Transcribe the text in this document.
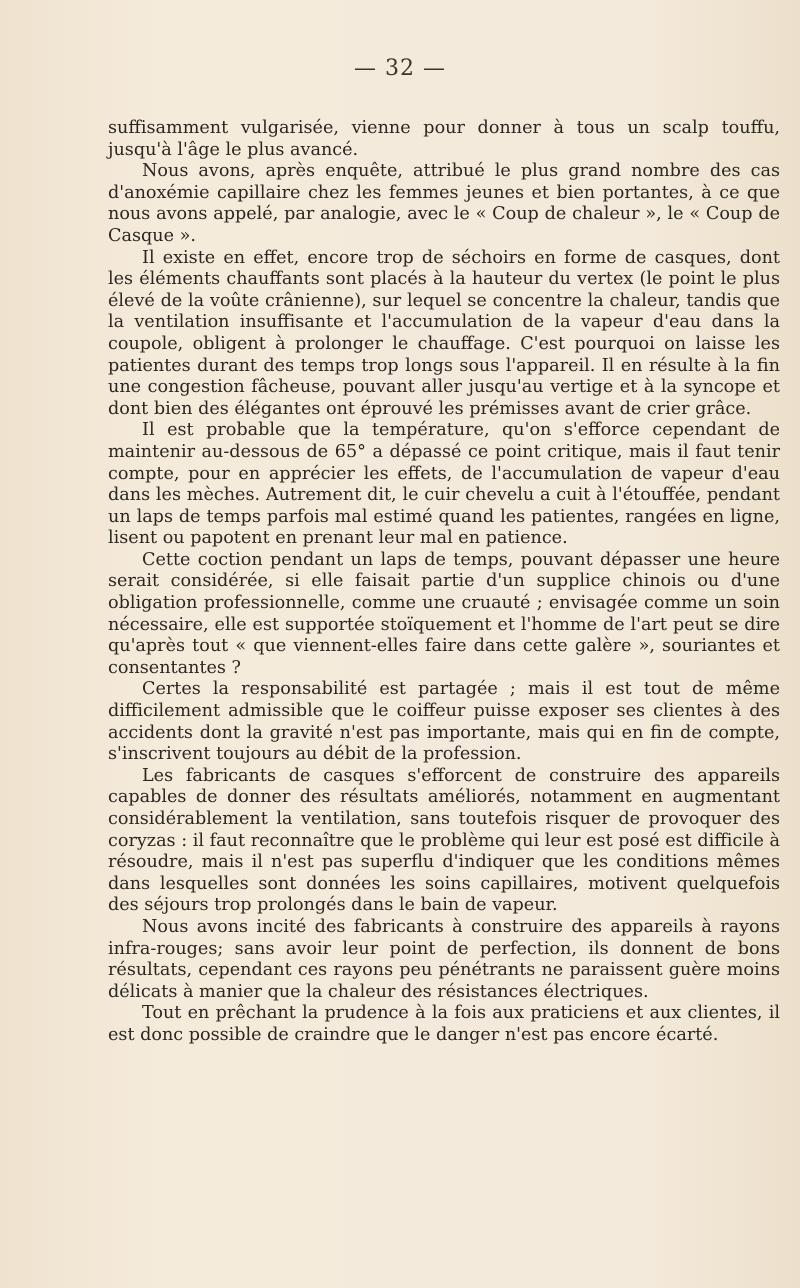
— 32 —

suffisamment vulgarisée, vienne pour donner à tous un scalp touffu, jusqu'à l'âge le plus avancé.

Nous avons, après enquête, attribué le plus grand nombre des cas d'anoxémie capillaire chez les femmes jeunes et bien portantes, à ce que nous avons appelé, par analogie, avec le « Coup de chaleur », le « Coup de Casque ».

Il existe en effet, encore trop de séchoirs en forme de casques, dont les éléments chauffants sont placés à la hauteur du vertex (le point le plus élevé de la voûte crânienne), sur lequel se concentre la chaleur, tandis que la ventilation insuffisante et l'accumulation de la vapeur d'eau dans la coupole, obligent à prolonger le chauffage. C'est pourquoi on laisse les patientes durant des temps trop longs sous l'appareil. Il en résulte à la fin une congestion fâcheuse, pouvant aller jusqu'au vertige et à la syncope et dont bien des élégantes ont éprouvé les prémisses avant de crier grâce.

Il est probable que la température, qu'on s'efforce cependant de maintenir au-dessous de 65° a dépassé ce point critique, mais il faut tenir compte, pour en apprécier les effets, de l'accumulation de vapeur d'eau dans les mèches. Autrement dit, le cuir chevelu a cuit à l'étouffée, pendant un laps de temps parfois mal estimé quand les patientes, rangées en ligne, lisent ou papotent en prenant leur mal en patience.

Cette coction pendant un laps de temps, pouvant dépasser une heure serait considérée, si elle faisait partie d'un supplice chinois ou d'une obligation professionnelle, comme une cruauté ; envisagée comme un soin nécessaire, elle est supportée stoïquement et l'homme de l'art peut se dire qu'après tout « que viennent-elles faire dans cette galère », souriantes et consentantes ?

Certes la responsabilité est partagée ; mais il est tout de même difficilement admissible que le coiffeur puisse exposer ses clientes à des accidents dont la gravité n'est pas importante, mais qui en fin de compte, s'inscrivent toujours au débit de la profession.

Les fabricants de casques s'efforcent de construire des appareils capables de donner des résultats améliorés, notamment en augmentant considérablement la ventilation, sans toutefois risquer de provoquer des coryzas : il faut reconnaître que le problème qui leur est posé est difficile à résoudre, mais il n'est pas superflu d'indiquer que les conditions mêmes dans lesquelles sont données les soins capillaires, motivent quelquefois des séjours trop prolongés dans le bain de vapeur.

Nous avons incité des fabricants à construire des appareils à rayons infra-rouges; sans avoir leur point de perfection, ils donnent de bons résultats, cependant ces rayons peu pénétrants ne paraissent guère moins délicats à manier que la chaleur des résistances électriques.

Tout en prêchant la prudence à la fois aux praticiens et aux clientes, il est donc possible de craindre que le danger n'est pas encore écarté.
